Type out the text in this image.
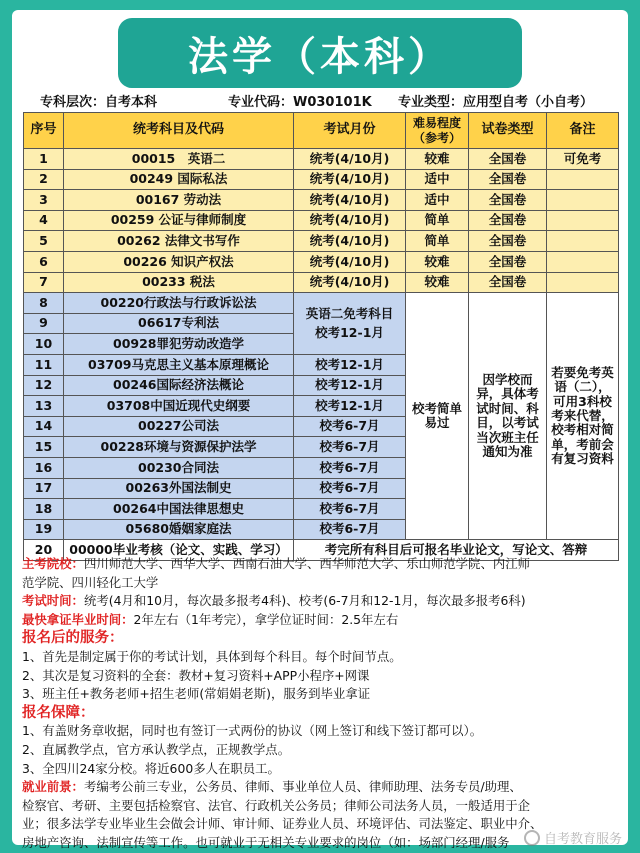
法学（本科）
专科层次：自考本科	专业代码：W030101K 专业类型：应用型自考（小自考）
序号	统考科目及代码	考试月份	难易程度（参考）	试卷类型	备注
1	00015　英语二	统考(4/10月)	较难	全国卷	可免考
2	00249 国际私法	统考(4/10月)	适中	全国卷	
3	00167 劳动法	统考(4/10月)	适中	全国卷	
4	00259 公证与律师制度	统考(4/10月)	简单	全国卷	
5	00262 法律文书写作	统考(4/10月)	简单	全国卷	
6	00226 知识产权法	统考(4/10月)	较难	全国卷	
7	00233 税法	统考(4/10月)	较难	全国卷	
8	00220行政法与行政诉讼法	英语二免考科目校考12-1月	校考简单易过	因学校而异，具体考试时间、科目，以考试当次班主任通知为准	若要免考英语（二），可用3科校考来代替，校考相对简单，考前会有复习资料
9	06617专利法				
10	00928罪犯劳动改造学				
11	03709马克思主义基本原理概论	校考12-1月			
12	00246国际经济法概论	校考12-1月			
13	03708中国近现代史纲要	校考12-1月			
14	00227公司法	校考6-7月			
15	00228环境与资源保护法学	校考6-7月			
16	00230合同法	校考6-7月			
17	00263外国法制史	校考6-7月			
18	00264中国法律思想史	校考6-7月			
19	05680婚姻家庭法	校考6-7月			
20	00000毕业考核（论文、实践、学习）	考完所有科目后可报名毕业论文，写论文、答辩			

主考院校：四川师范大学、西华大学、西南石油大学、西华师范大学、乐山师范学院、内江师

范学院、四川轻化工大学

考试时间：统考(4月和10月，每次最多报考4科)、校考(6-7月和12-1月，每次最多报考6科)

最快拿证毕业时间：2年左右（1年考完），拿学位证时间：2.5年左右

报名后的服务：

1、首先是制定属于你的考试计划，具体到每个科目。每个时间节点。

2、其次是复习资料的全套：教材+复习资料+APP小程序+网课

3、班主任+教务老师+招生老师(常娟娟老斯)，服务到毕业拿证

报名保障：

1、有盖财务章收据，同时也有签订一式两份的协议（网上签订和线下签订都可以）。

2、直属教学点，官方承认教学点，正规教学点。

3、全四川24家分校。将近600多人在职员工。

就业前景：考编考公前三专业，公务员、律师、事业单位人员、律师助理、法务专员/助理、

检察官、考研、主要包括检察官、法官、行政机关公务员；律师公司法务人员，一般适用于企

业；很多法学专业毕业生会做会计师、审计师、证券业人员、环境评估、司法鉴定、职业中介、

房地产咨询、法制宣传等工作。也可就业于无相关专业要求的岗位（如：场部门经理/服务	自考教育服务
